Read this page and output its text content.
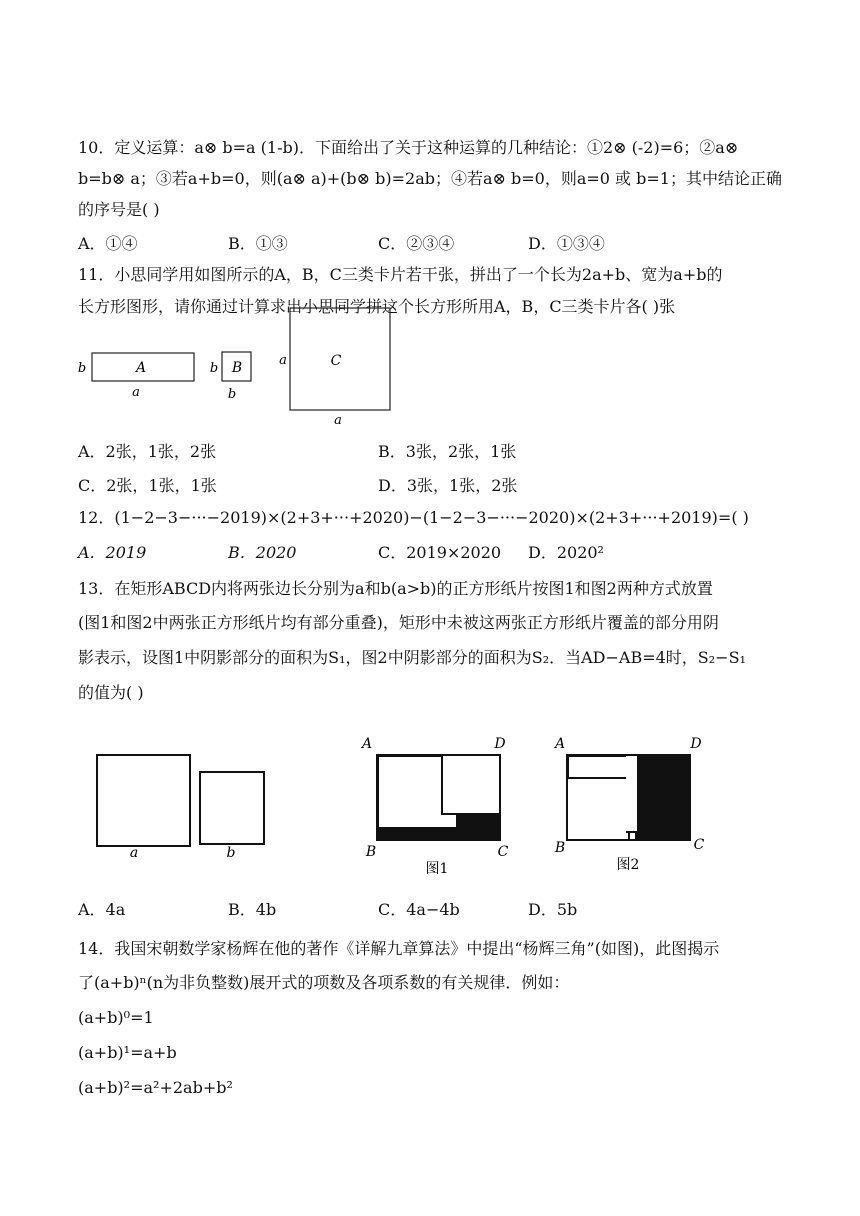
10．定义运算：a⊗ b=a (1-b)．下面给出了关于这种运算的几种结论：①2⊗ (-2)=6；②a⊗
b=b⊗ a；③若a+b=0，则(a⊗ a)+(b⊗ b)=2ab；④若a⊗ b=0，则a=0 或 b=1；其中结论正确
的序号是( )
A．①④	B．①③	C．②③④	D．①③④
11．小思同学用如图所示的A，B，C三类卡片若干张，拼出了一个长为2a+b、宽为a+b的
长方形图形，请你通过计算求出小思同学拼这个长方形所用A，B，C三类卡片各( )张
A
b
a
B
b
b
C
a
a
A．2张，1张，2张	B．3张，2张，1张
C．2张，1张，1张	D．3张，1张，2张
12．(1−2−3−···−2019)×(2+3+···+2020)−(1−2−3−···−2020)×(2+3+···+2019)=( )
A．2019	B．2020	C．2019×2020 D．2020²
13．在矩形ABCD内将两张边长分别为a和b(a>b)的正方形纸片按图1和图2两种方式放置
(图1和图2中两张正方形纸片均有部分重叠)，矩形中未被这两张正方形纸片覆盖的部分用阴
影表示，设图1中阴影部分的面积为S₁，图2中阴影部分的面积为S₂．当AD−AB=4时，S₂−S₁
的值为( )
a	b
A	D
B	C
图1
A	D
B	C
图2
A．4a	B．4b	C．4a−4b	D．5b
14．我国宋朝数学家杨辉在他的著作《详解九章算法》中提出“杨辉三角”(如图)，此图揭示
了(a+b)ⁿ(n为非负整数)展开式的项数及各项系数的有关规律．例如：
(a+b)⁰=1
(a+b)¹=a+b
(a+b)²=a²+2ab+b²
